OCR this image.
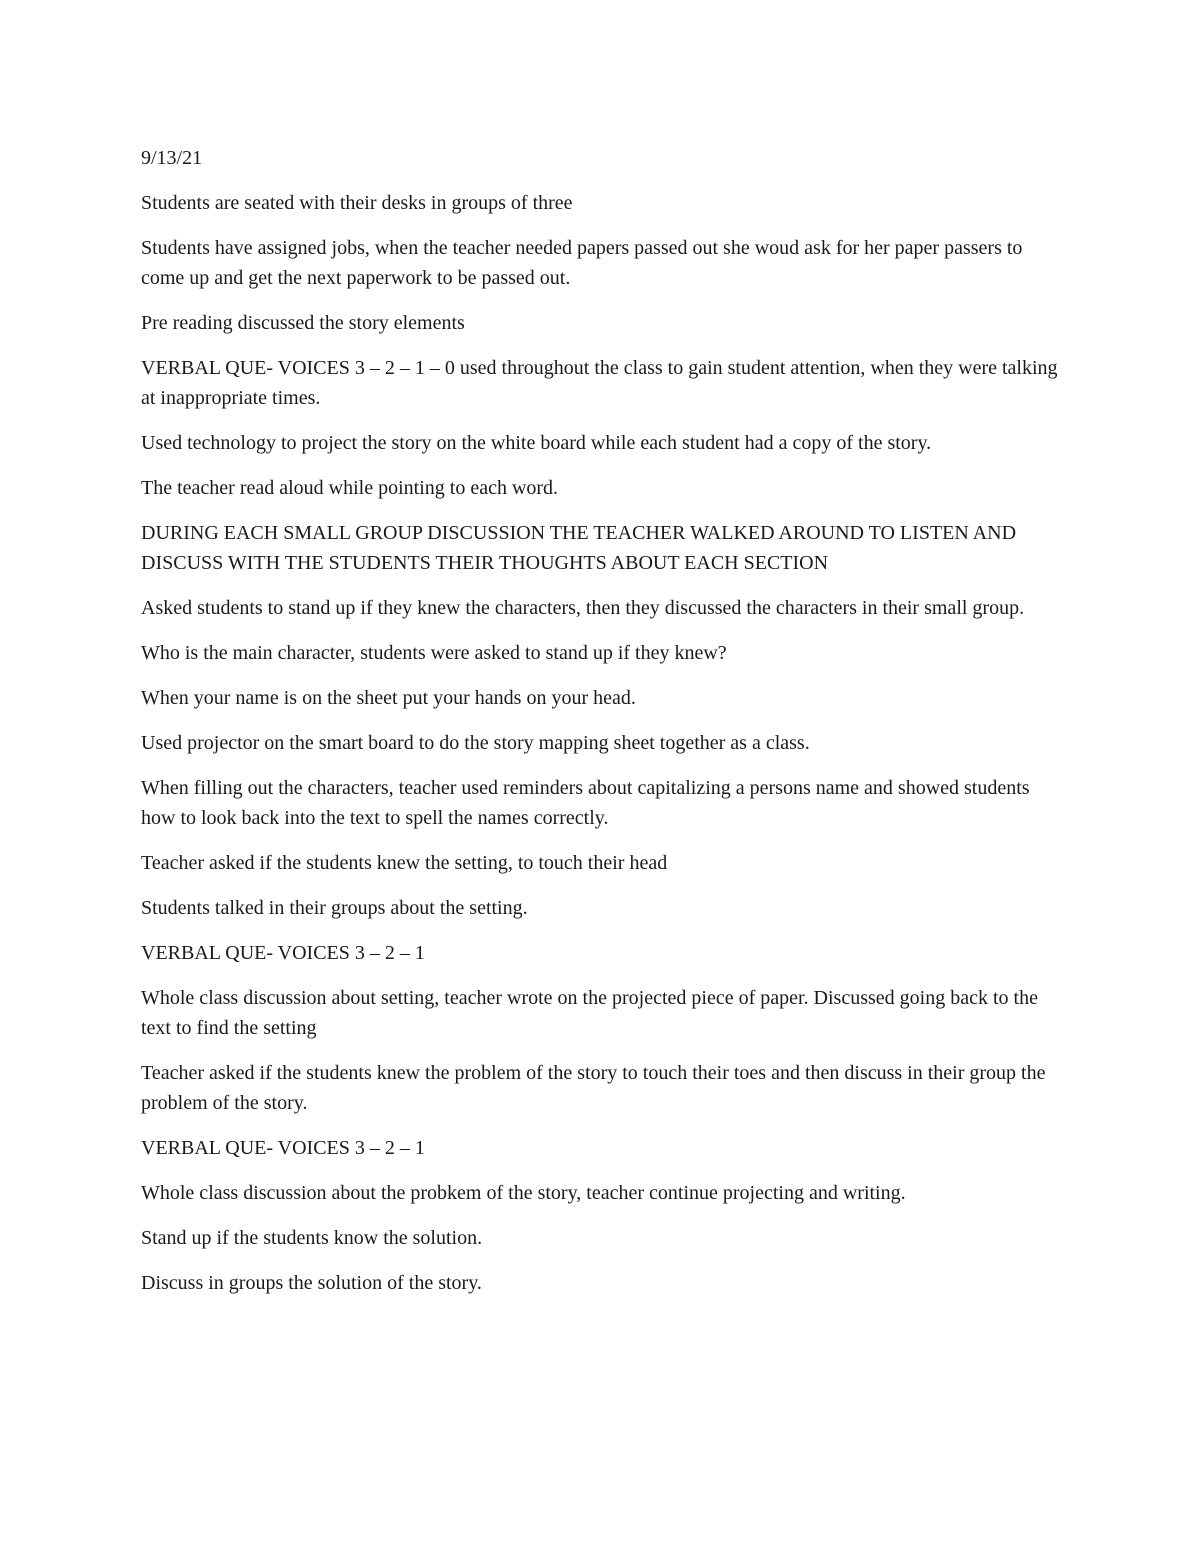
9/13/21

Students are seated with their desks in groups of three

Students have assigned jobs, when the teacher needed papers passed out she woud ask for her paper passers to come up and get the next paperwork to be passed out.

Pre reading discussed the story elements

VERBAL QUE- VOICES 3 – 2 – 1 – 0 used throughout the class to gain student attention, when they were talking at inappropriate times.

Used technology to project the story on the white board while each student had a copy of the story.

The teacher read aloud while pointing to each word.

DURING EACH SMALL GROUP DISCUSSION THE TEACHER WALKED AROUND TO LISTEN AND DISCUSS WITH THE STUDENTS THEIR THOUGHTS ABOUT EACH SECTION

Asked students to stand up if they knew the characters, then they discussed the characters in their small group.

Who is the main character, students were asked to stand up if they knew?

When your name is on the sheet put your hands on your head.

Used projector on the smart board to do the story mapping sheet together as a class.

When filling out the characters, teacher used reminders about capitalizing a persons name and showed students how to look back into the text to spell the names correctly.

Teacher asked if the students knew the setting, to touch their head

Students talked in their groups about the setting.

VERBAL QUE- VOICES 3 – 2 – 1

Whole class discussion about setting, teacher wrote on the projected piece of paper. Discussed going back to the text to find the setting

Teacher asked if the students knew the problem of the story to touch their toes and then discuss in their group the problem of the story.

VERBAL QUE- VOICES 3 – 2 – 1

Whole class discussion about the probkem of the story, teacher continue projecting and writing.

Stand up if the students know the solution.

Discuss in groups the solution of the story.
